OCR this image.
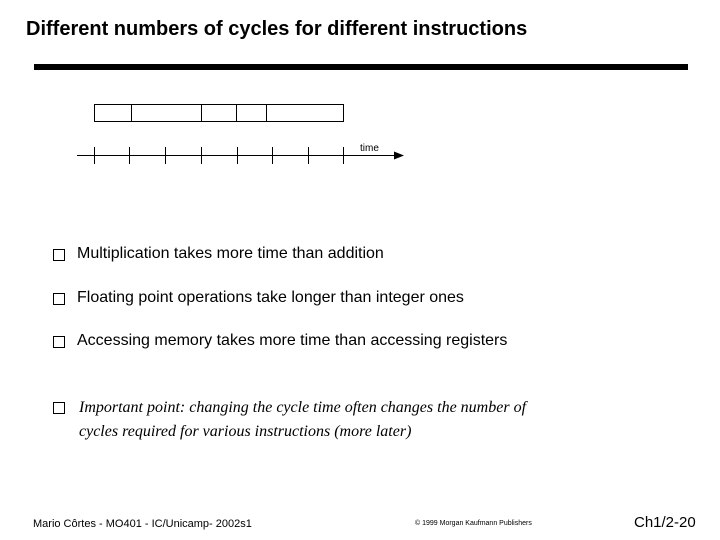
Different numbers of cycles for different instructions
time
Multiplication takes more time than addition
Floating point operations take longer than integer ones
Accessing memory takes more time than accessing registers
Important point: changing the cycle time often changes the number of
cycles required for various instructions (more later)
Mario Côrtes - MO401 - IC/Unicamp- 2002s1	© 1999 Morgan Kaufmann Publishers	Ch1/2-20
